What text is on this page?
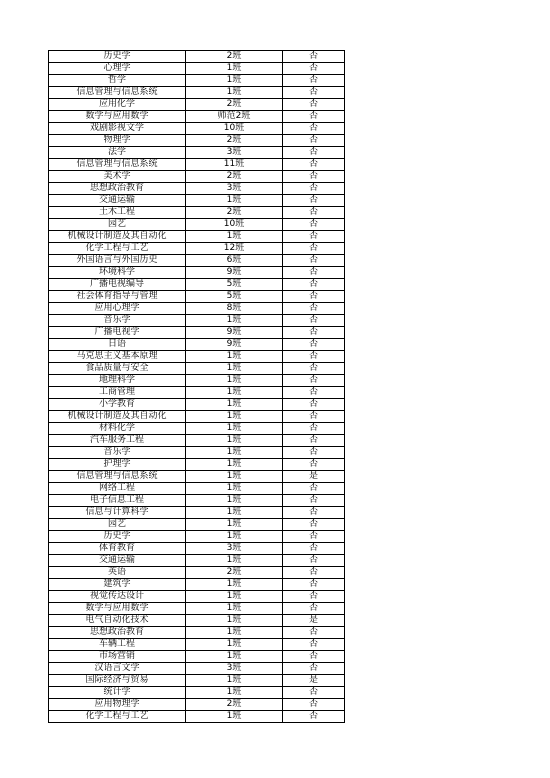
历史学	2班	否
心理学	1班	否
哲学	1班	否
信息管理与信息系统	1班	否
应用化学	2班	否
数学与应用数学	师范2班	否
戏剧影视文学	10班	否
物理学	2班	否
法学	3班	否
信息管理与信息系统	11班	否
美术学	2班	否
思想政治教育	3班	否
交通运输	1班	否
土木工程	2班	否
园艺	10班	否
机械设计制造及其自动化	1班	否
化学工程与工艺	12班	否
外国语言与外国历史	6班	否
环境科学	9班	否
广播电视编导	5班	否
社会体育指导与管理	5班	否
应用心理学	8班	否
音乐学	1班	否
广播电视学	9班	否
日语	9班	否
马克思主义基本原理	1班	否
食品质量与安全	1班	否
地理科学	1班	否
工商管理	1班	否
小学教育	1班	否
机械设计制造及其自动化	1班	否
材料化学	1班	否
汽车服务工程	1班	否
音乐学	1班	否
护理学	1班	否
信息管理与信息系统	1班	是
网络工程	1班	否
电子信息工程	1班	否
信息与计算科学	1班	否
园艺	1班	否
历史学	1班	否
体育教育	3班	否
交通运输	1班	否
英语	2班	否
建筑学	1班	否
视觉传达设计	1班	否
数学与应用数学	1班	否
电气自动化技术	1班	是
思想政治教育	1班	否
车辆工程	1班	否
市场营销	1班	否
汉语言文学	3班	否
国际经济与贸易	1班	是
统计学	1班	否
应用物理学	2班	否
化学工程与工艺	1班	否
